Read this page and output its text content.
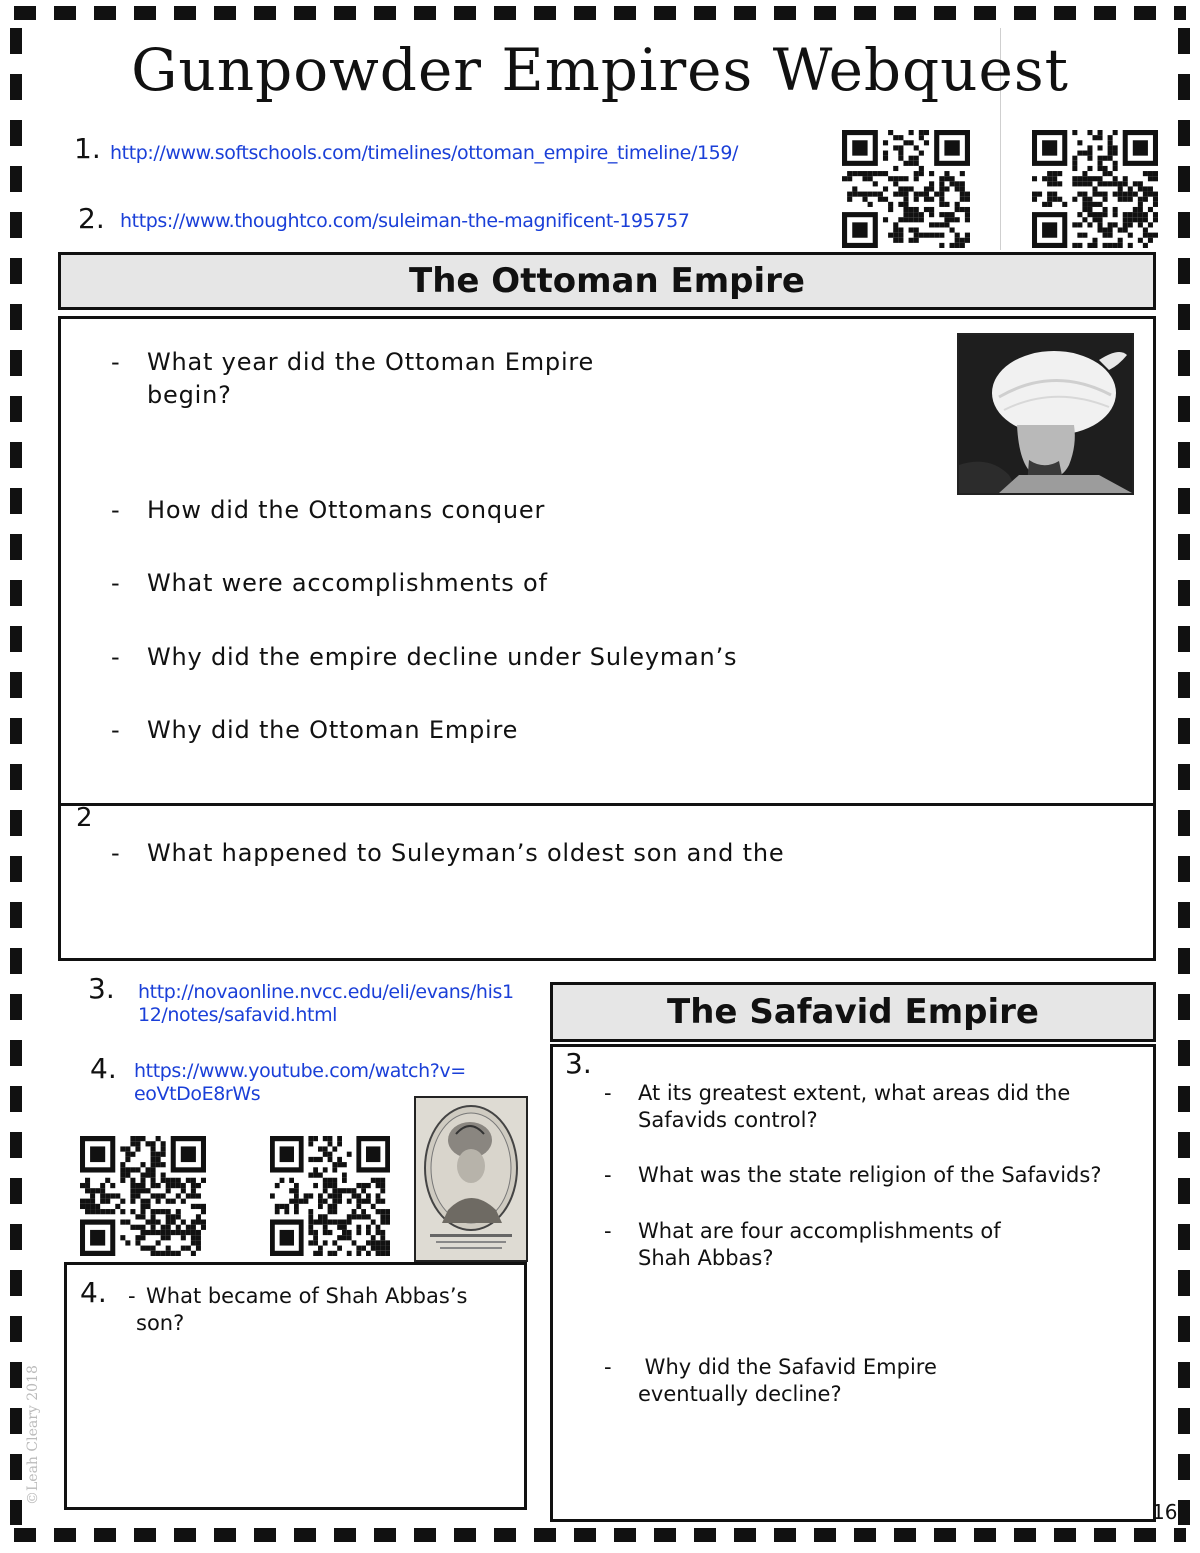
Gunpowder Empires Webquest
1. http://www.softschools.com/timelines/ottoman_empire_timeline/159/
2. https://www.thoughtco.com/suleiman-the-magnificent-195757
The Ottoman Empire
- What year did the Ottoman Empire
begin?
- How did the Ottomans conquer
- What were accomplishments of
- Why did the empire decline under Suleyman’s
- Why did the Ottoman Empire
2
- What happened to Suleyman’s oldest son and the
3. http://novaonline.nvcc.edu/eli/evans/his1
12/notes/safavid.html
4. https://www.youtube.com/watch?v=
eoVtDoE8rWs
4. - What became of Shah Abbas’s
son?
The Safavid Empire
3.
- At its greatest extent, what areas did the
Safavids control?
- What was the state religion of the Safavids?
- What are four accomplishments of
Shah Abbas?
- Why did the Safavid Empire
eventually decline?
©Leah Cleary 2018
16
